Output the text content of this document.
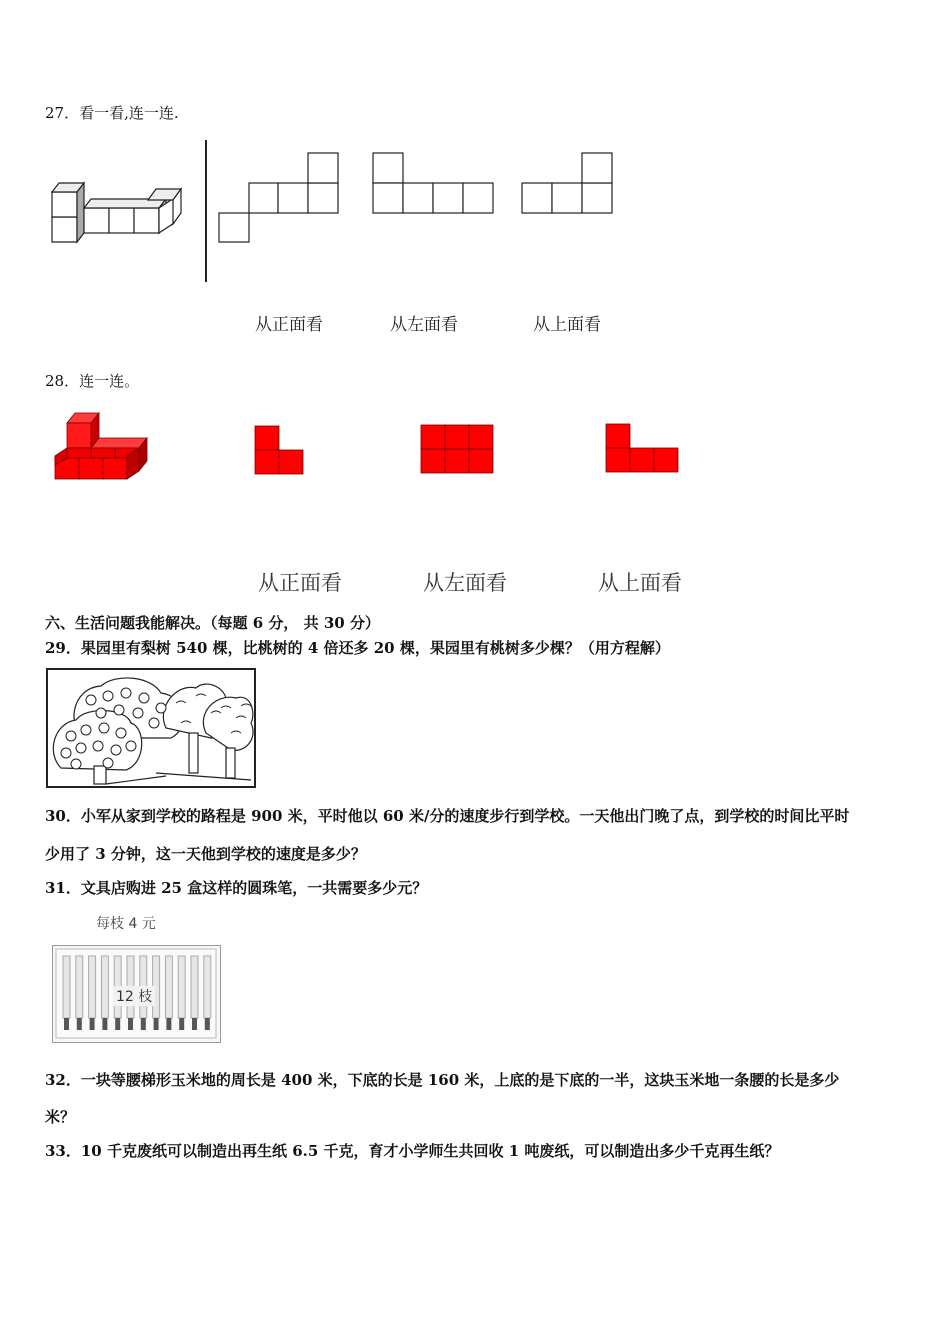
27．看一看,连一连.
从正面看	从左面看	从上面看
28．连一连。
从正面看	从左面看	从上面看
六、生活问题我能解决。（每题 6 分， 共 30 分）
29．果园里有梨树 540 棵，比桃树的 4 倍还多 20 棵，果园里有桃树多少棵？（用方程解）
30．小军从家到学校的路程是 900 米，平时他以 60 米/分的速度步行到学校。一天他出门晚了点，到学校的时间比平时
少用了 3 分钟，这一天他到学校的速度是多少？
31．文具店购进 25 盒这样的圆珠笔，一共需要多少元？
每枝 4 元
12 枝
32．一块等腰梯形玉米地的周长是 400 米，下底的长是 160 米，上底的是下底的一半，这块玉米地一条腰的长是多少
米？
33．10 千克废纸可以制造出再生纸 6.5 千克，育才小学师生共回收 1 吨废纸，可以制造出多少千克再生纸？
